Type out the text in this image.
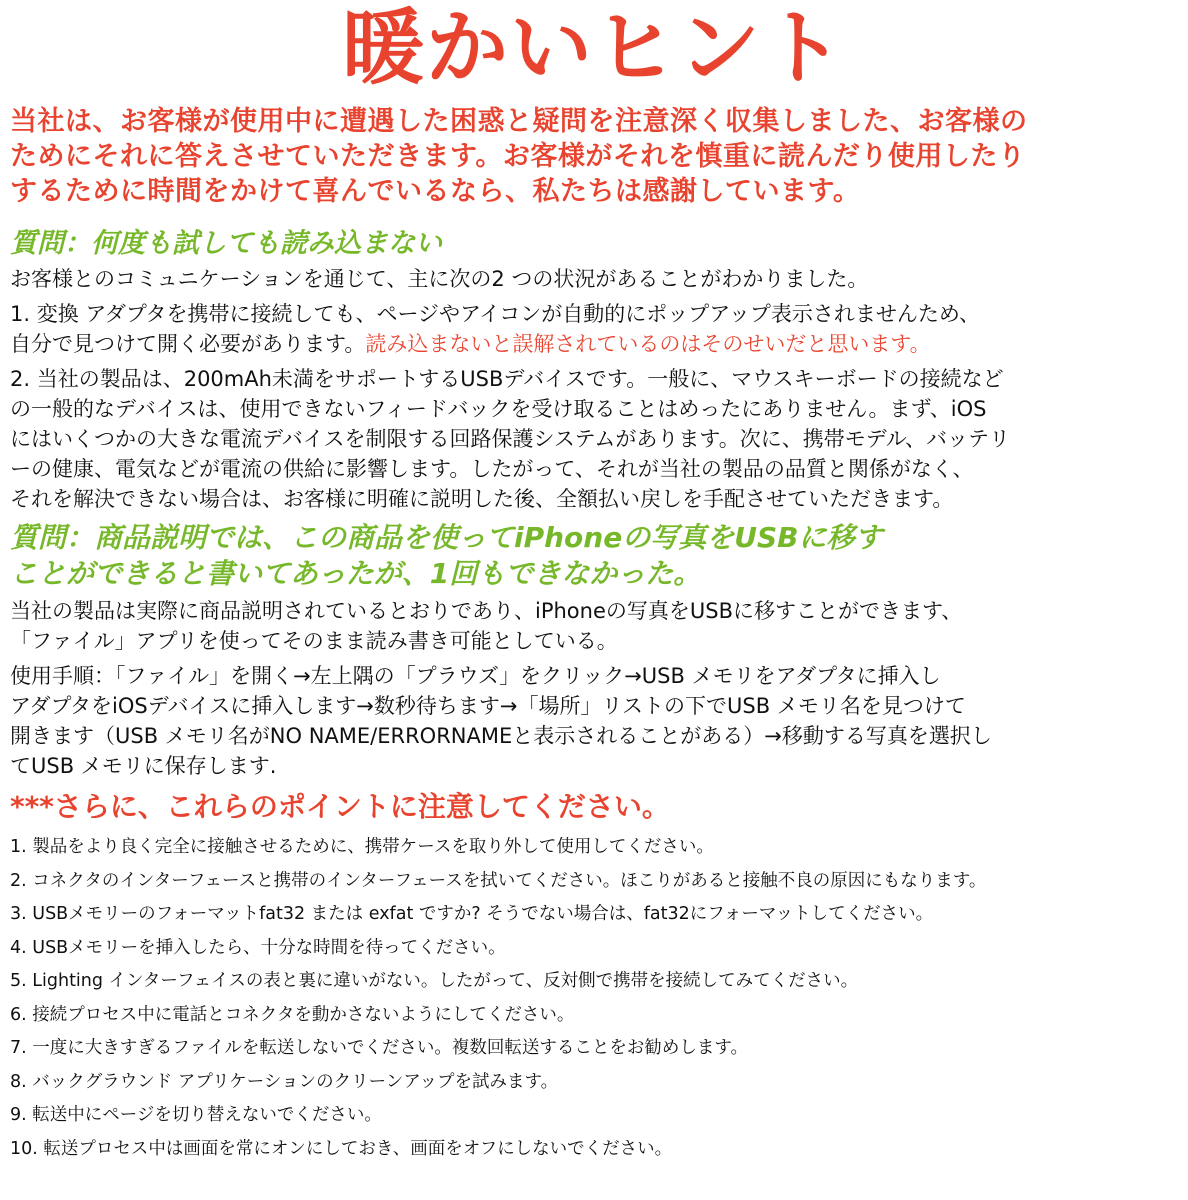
暖かいヒント
当社は、お客様が使用中に遭遇した困惑と疑問を注意深く収集しました、お客様の
ためにそれに答えさせていただきます。お客様がそれを慎重に読んだり使用したり
するために時間をかけて喜んでいるなら、私たちは感謝しています。
質問：何度も試しても読み込まない
お客様とのコミュニケーションを通じて、主に次の2 つの状況があることがわかりました。
1. 変換 アダプタを携帯に接続しても、ページやアイコンが自動的にポップアップ表示されませんため、
自分で見つけて開く必要があります。読み込まないと誤解されているのはそのせいだと思います。
2. 当社の製品は、200mAh未満をサポートするUSBデバイスです。一般に、マウスキーボードの接続など
の一般的なデバイスは、使用できないフィードバックを受け取ることはめったにありません。まず、iOS
にはいくつかの大きな電流デバイスを制限する回路保護システムがあります。次に、携帯モデル、バッテリ
ーの健康、電気などが電流の供給に影響します。したがって、それが当社の製品の品質と関係がなく、
それを解決できない場合は、お客様に明確に説明した後、全額払い戻しを手配させていただきます。
質問：商品説明では、この商品を使ってiPhoneの写真をUSBに移す
ことができると書いてあったが、1回もできなかった。
当社の製品は実際に商品説明されているとおりであり、iPhoneの写真をUSBに移すことができます、
「ファイル」アプリを使ってそのまま読み書き可能としている。
使用手順：「ファイル」を開く→左上隅の「プラウズ」をクリック→USB メモリをアダプタに挿入し
アダプタをiOSデバイスに挿入します→数秒待ちます→「場所」リストの下でUSB メモリ名を見つけて
開きます（USB メモリ名がNO NAME/ERRORNAMEと表示されることがある）→移動する写真を選択し
てUSB メモリに保存します.
***さらに、これらのポイントに注意してください。
1. 製品をより良く完全に接触させるために、携帯ケースを取り外して使用してください。
2. コネクタのインターフェースと携帯のインターフェースを拭いてください。ほこりがあると接触不良の原因にもなります。
3. USBメモリーのフォーマットfat32 または exfat ですか? そうでない場合は、fat32にフォーマットしてください。
4. USBメモリーを挿入したら、十分な時間を待ってください。
5. Lighting インターフェイスの表と裏に違いがない。したがって、反対側で携帯を接続してみてください。
6. 接続プロセス中に電話とコネクタを動かさないようにしてください。
7. 一度に大きすぎるファイルを転送しないでください。複数回転送することをお勧めします。
8. バックグラウンド アプリケーションのクリーンアップを試みます。
9. 転送中にページを切り替えないでください。
10. 転送プロセス中は画面を常にオンにしておき、画面をオフにしないでください。
